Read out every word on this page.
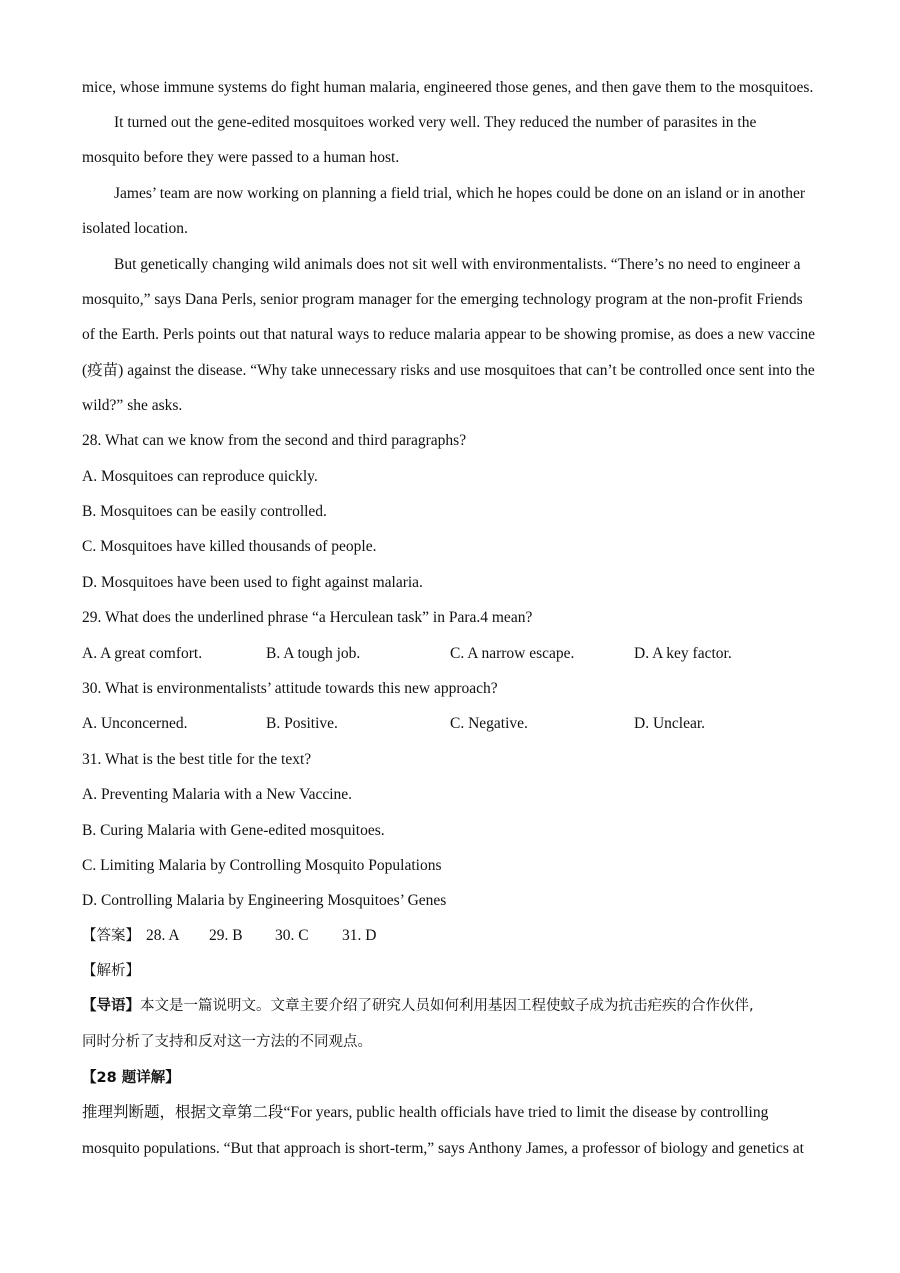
mice, whose immune systems do fight human malaria, engineered those genes, and then gave them to the mosquitoes.
It turned out the gene-edited mosquitoes worked very well. They reduced the number of parasites in the
mosquito before they were passed to a human host.
James’ team are now working on planning a field trial, which he hopes could be done on an island or in another
isolated location.
But genetically changing wild animals does not sit well with environmentalists. “There’s no need to engineer a
mosquito,” says Dana Perls, senior program manager for the emerging technology program at the non-profit Friends
of the Earth. Perls points out that natural ways to reduce malaria appear to be showing promise, as does a new vaccine
(疫苗) against the disease. “Why take unnecessary risks and use mosquitoes that can’t be controlled once sent into the
wild?” she asks.
28. What can we know from the second and third paragraphs?
A. Mosquitoes can reproduce quickly.
B. Mosquitoes can be easily controlled.
C. Mosquitoes have killed thousands of people.
D. Mosquitoes have been used to fight against malaria.
29. What does the underlined phrase “a Herculean task” in Para.4 mean?
A. A great comfort.	B. A tough job.	C. A narrow escape.	D. A key factor.
30. What is environmentalists’ attitude towards this new approach?
A. Unconcerned.	B. Positive.	C. Negative.	D. Unclear.
31. What is the best title for the text?
A. Preventing Malaria with a New Vaccine.
B. Curing Malaria with Gene-edited mosquitoes.
C. Limiting Malaria by Controlling Mosquito Populations
D. Controlling Malaria by Engineering Mosquitoes’ Genes
【答案】 28. A 29. B 30. C 31. D
【解析】
【导语】本文是一篇说明文。文章主要介绍了研究人员如何利用基因工程使蚊子成为抗击疟疾的合作伙伴,
同时分析了支持和反对这一方法的不同观点。
【28 题详解】
推理判断题，根据文章第二段“For years, public health officials have tried to limit the disease by controlling
mosquito populations. “But that approach is short-term,” says Anthony James, a professor of biology and genetics at
